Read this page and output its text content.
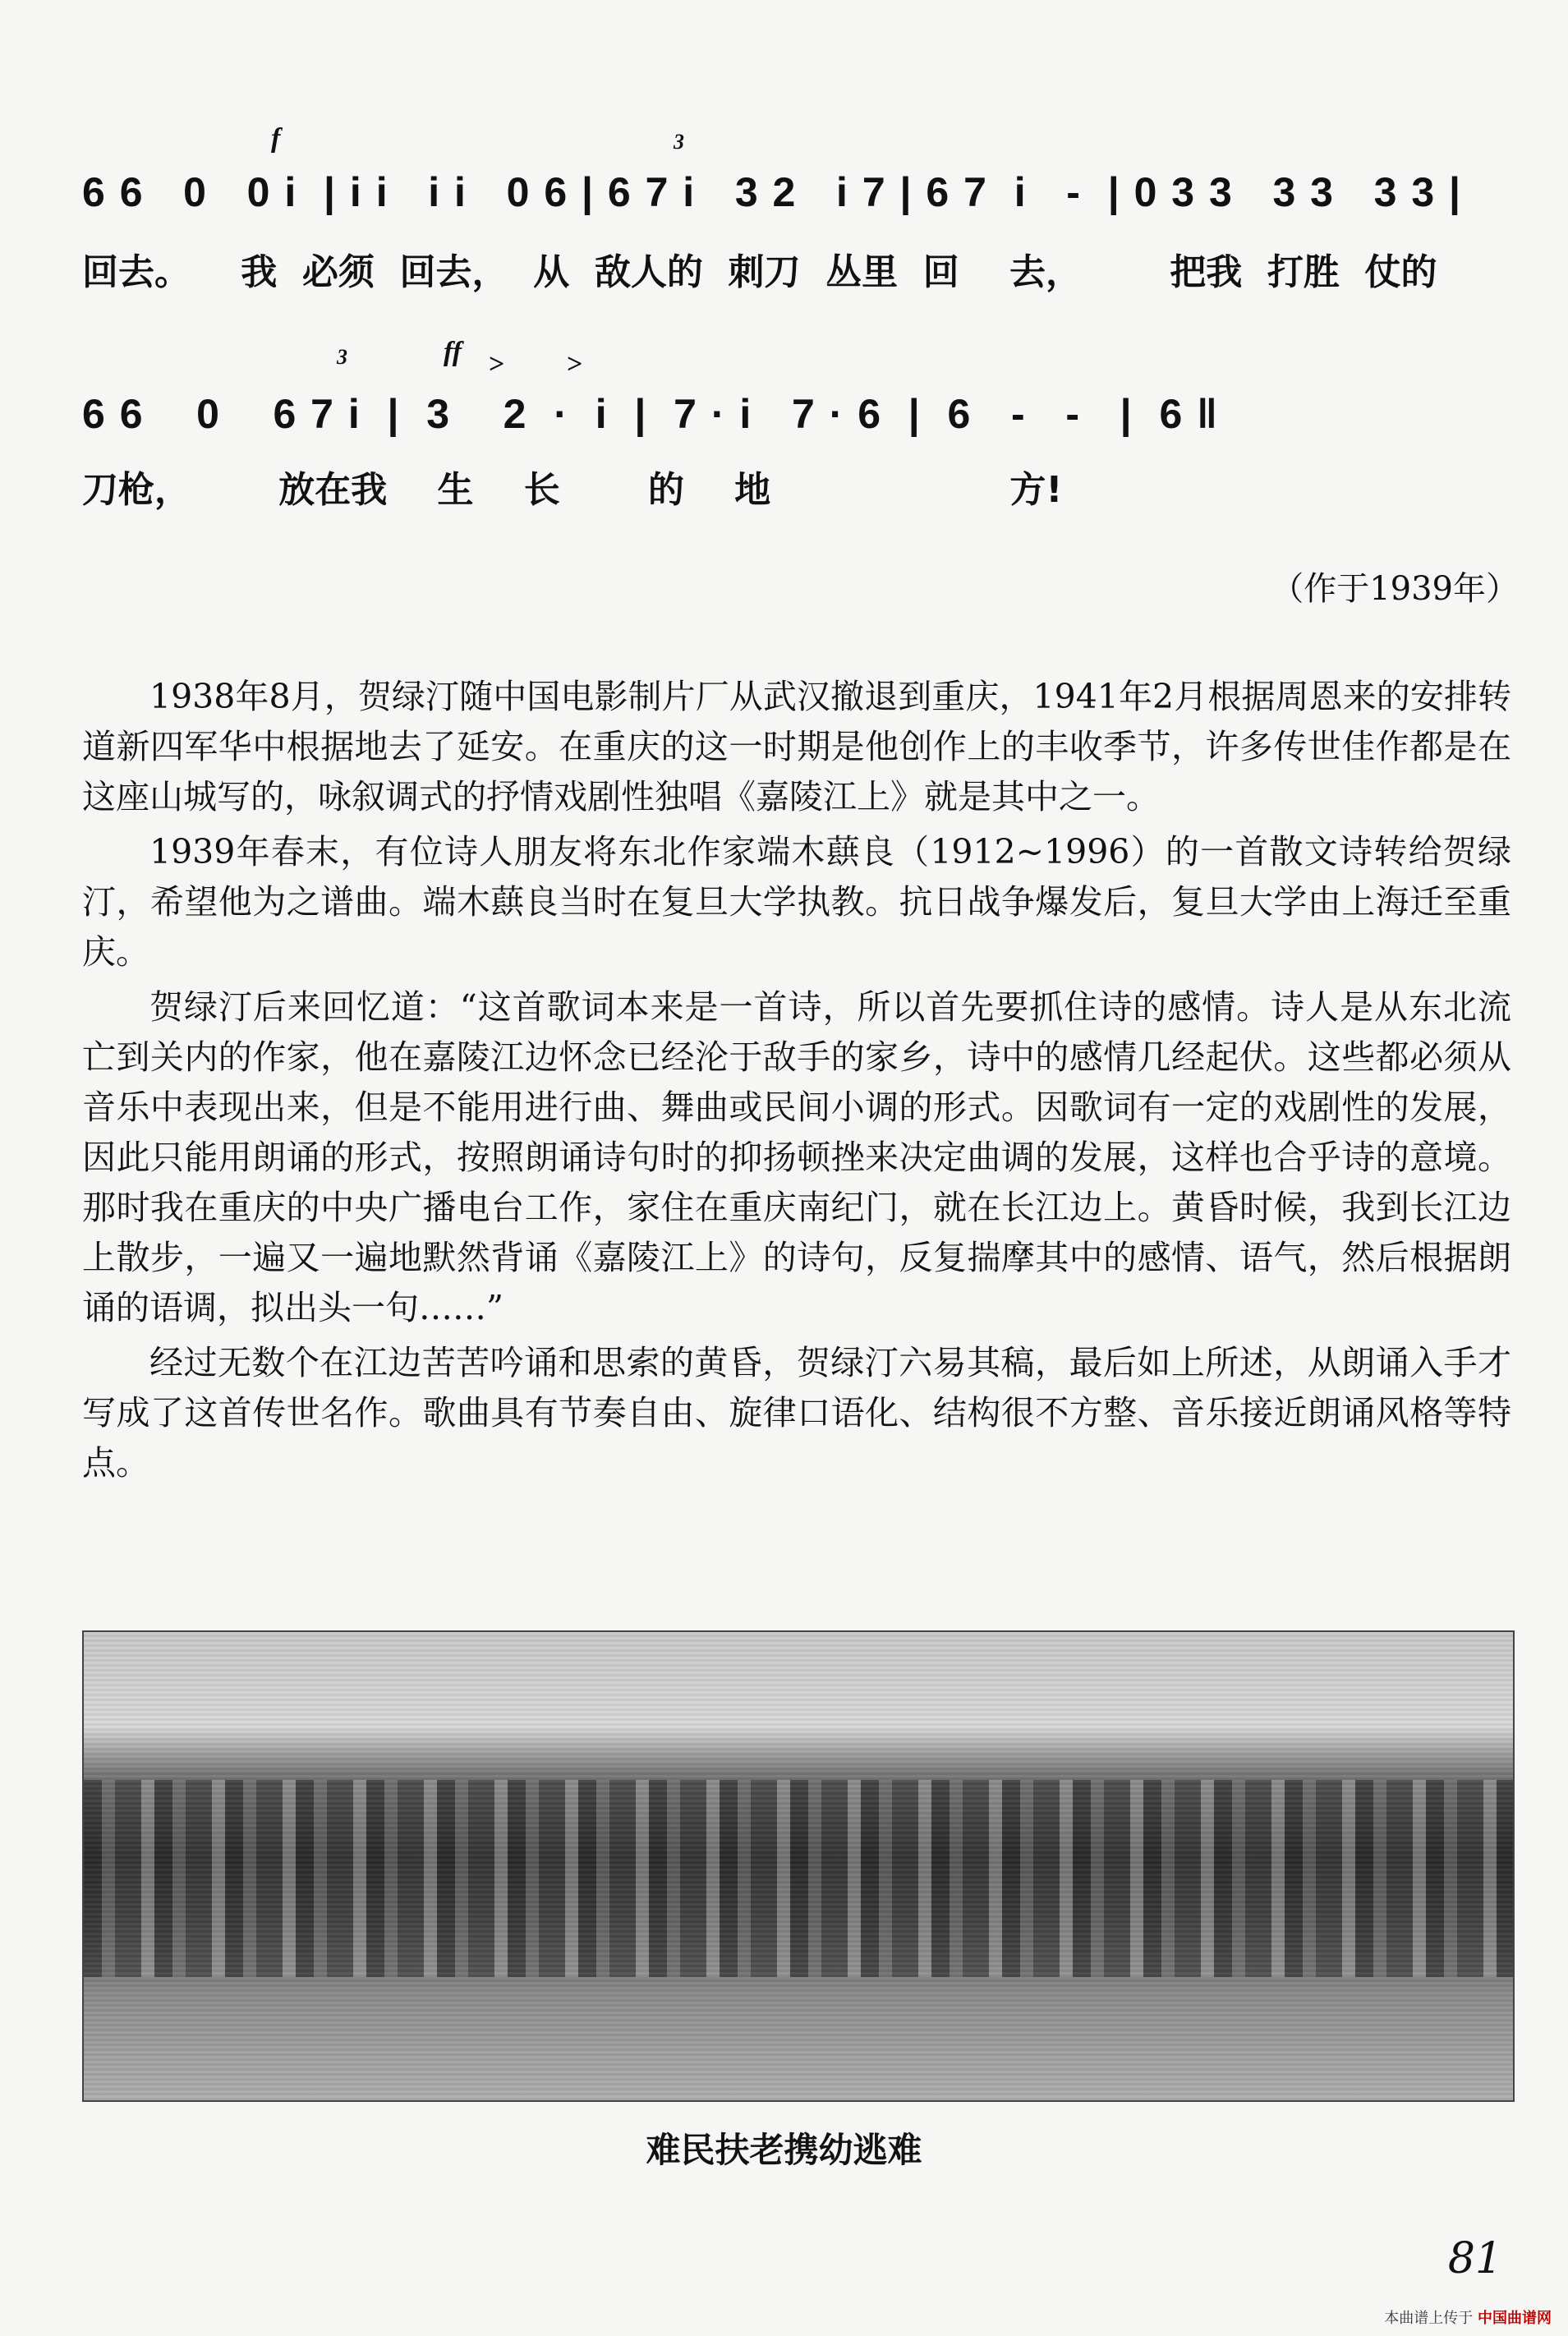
f	3
6 6   0   0 i  | i i   i i   0 6 | 6 7 i   3 2   i 7 | 6 7  i   -  | 0 3 3   3 3   3 3 |
回去。    我  必须  回去，  从  敌人的  刺刀  丛里  回    去，       把我  打胜  仗的
ff > >
3
6 6    0    6 7 i  |  3    2  ·  i  |  7 · i   7 · 6  |  6   -   -   |  6 ‖
刀枪，       放在我    生    长       的    地                   方!
（作于1939年）

1938年8月，贺绿汀随中国电影制片厂从武汉撤退到重庆，1941年2月根据周恩来的安排转道新四军华中根据地去了延安。在重庆的这一时期是他创作上的丰收季节，许多传世佳作都是在这座山城写的，咏叙调式的抒情戏剧性独唱《嘉陵江上》就是其中之一。

1939年春末，有位诗人朋友将东北作家端木蕻良（1912~1996）的一首散文诗转给贺绿汀，希望他为之谱曲。端木蕻良当时在复旦大学执教。抗日战争爆发后，复旦大学由上海迁至重庆。

贺绿汀后来回忆道：“这首歌词本来是一首诗，所以首先要抓住诗的感情。诗人是从东北流亡到关内的作家，他在嘉陵江边怀念已经沦于敌手的家乡，诗中的感情几经起伏。这些都必须从音乐中表现出来，但是不能用进行曲、舞曲或民间小调的形式。因歌词有一定的戏剧性的发展，因此只能用朗诵的形式，按照朗诵诗句时的抑扬顿挫来决定曲调的发展，这样也合乎诗的意境。那时我在重庆的中央广播电台工作，家住在重庆南纪门，就在长江边上。黄昏时候，我到长江边上散步，一遍又一遍地默然背诵《嘉陵江上》的诗句，反复揣摩其中的感情、语气，然后根据朗诵的语调，拟出头一句……”

经过无数个在江边苦苦吟诵和思索的黄昏，贺绿汀六易其稿，最后如上所述，从朗诵入手才写成了这首传世名作。歌曲具有节奏自由、旋律口语化、结构很不方整、音乐接近朗诵风格等特点。

难民扶老携幼逃难
81
本曲谱上传于 中国曲谱网
